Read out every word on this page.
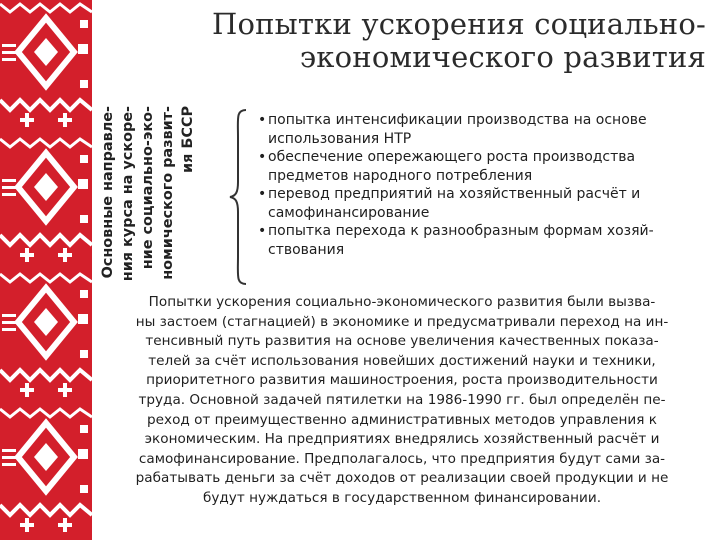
Попытки ускорения социально-
экономического развития
Основные направле- ния курса на ускоре- ние социально-эко- номического развит- ия БССР	• попытка интенсификации производства на основе
использования НТР
• обеспечение опережающего роста производства
предметов народного потребления
• перевод предприятий на хозяйственный расчёт и
самофинансирование
• попытка перехода к разнообразным формам хозяй-
ствования
Попытки ускорения социально-экономического развития были вызва-
ны застоем (стагнацией) в экономике и предусматривали переход на ин-
тенсивный путь развития на основе увеличения качественных показа-
телей за счёт использования новейших достижений науки и техники,
приоритетного развития машиностроения, роста производительности
труда. Основной задачей пятилетки на 1986-1990 гг. был определён пе-
реход от преимущественно административных методов управления к
экономическим. На предприятиях внедрялись хозяйственный расчёт и
самофинансирование. Предполагалось, что предприятия будут сами за-
рабатывать деньги за счёт доходов от реализации своей продукции и не
будут нуждаться в государственном финансировании.
